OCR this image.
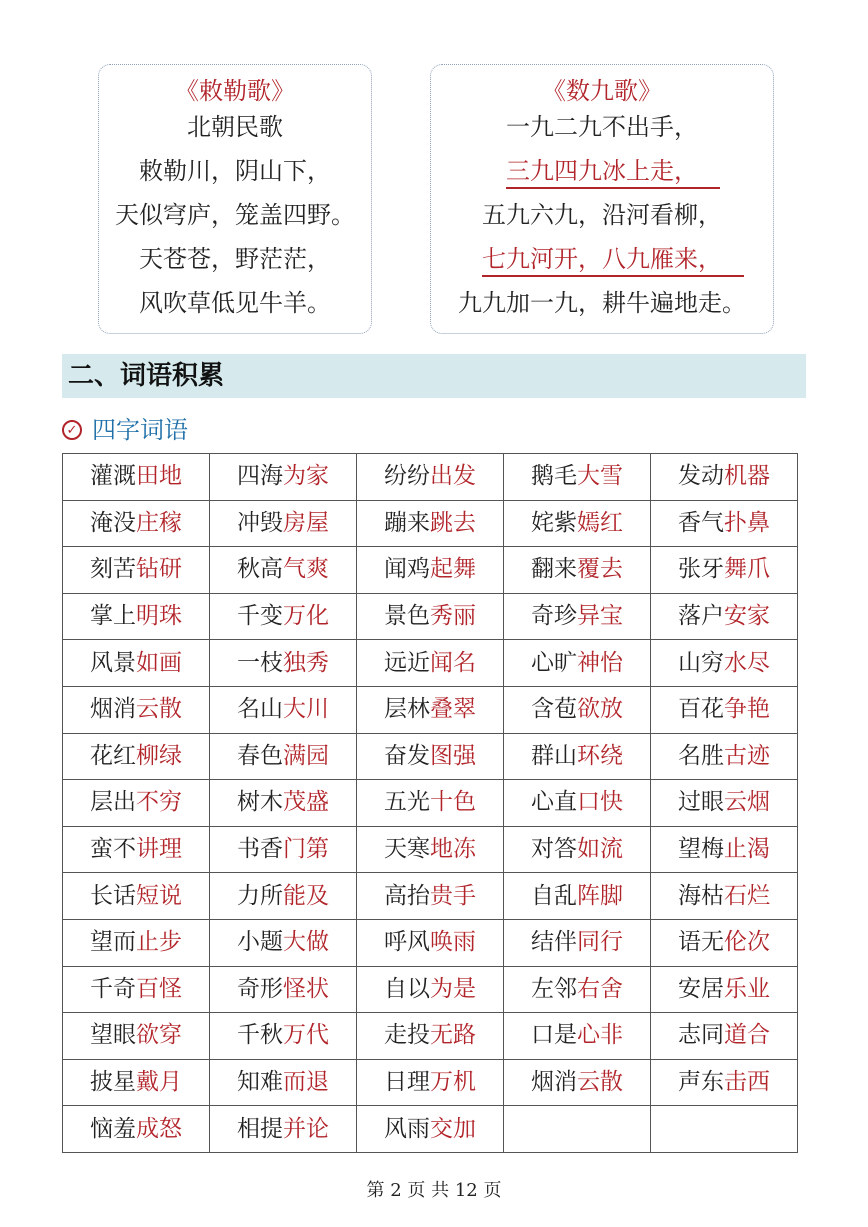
《敕勒歌》
北朝民歌
敕勒川，阴山下，
天似穹庐，笼盖四野。
天苍苍，野茫茫，
风吹草低见牛羊。
《数九歌》
一九二九不出手，
三九四九冰上走，
五九六九，沿河看柳，
七九河开，八九雁来，
九九加一九，耕牛遍地走。
二、词语积累
✓ 四字词语
灌溉田地	四海为家	纷纷出发	鹅毛大雪	发动机器
淹没庄稼	冲毁房屋	蹦来跳去	姹紫嫣红	香气扑鼻
刻苦钻研	秋高气爽	闻鸡起舞	翻来覆去	张牙舞爪
掌上明珠	千变万化	景色秀丽	奇珍异宝	落户安家
风景如画	一枝独秀	远近闻名	心旷神怡	山穷水尽
烟消云散	名山大川	层林叠翠	含苞欲放	百花争艳
花红柳绿	春色满园	奋发图强	群山环绕	名胜古迹
层出不穷	树木茂盛	五光十色	心直口快	过眼云烟
蛮不讲理	书香门第	天寒地冻	对答如流	望梅止渴
长话短说	力所能及	高抬贵手	自乱阵脚	海枯石烂
望而止步	小题大做	呼风唤雨	结伴同行	语无伦次
千奇百怪	奇形怪状	自以为是	左邻右舍	安居乐业
望眼欲穿	千秋万代	走投无路	口是心非	志同道合
披星戴月	知难而退	日理万机	烟消云散	声东击西
恼羞成怒	相提并论	风雨交加		
第 2 页 共 12 页
